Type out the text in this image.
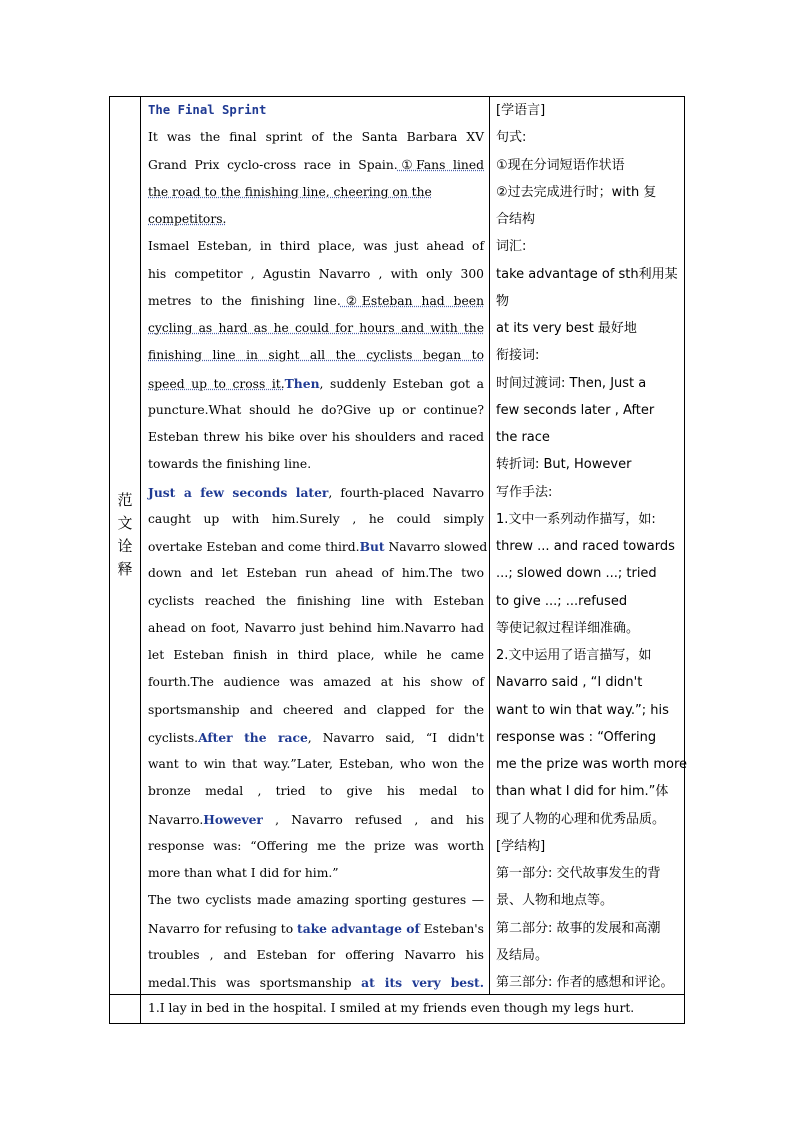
范
文
诠
释
The Final Sprint
It was the final sprint of the Santa Barbara XV
Grand Prix cyclo-cross race in Spain.①Fans lined
the road to the finishing line, cheering on the
competitors.
Ismael Esteban, in third place, was just ahead of
his competitor , Agustin Navarro , with only 300
metres to the finishing line.②Esteban had been
cycling as hard as he could for hours and with the
finishing line in sight all the cyclists began to
speed up to cross it.Then, suddenly Esteban got a
puncture.What should he do?Give up or continue?
Esteban threw his bike over his shoulders and raced
towards the finishing line.
Just a few seconds later, fourth-placed Navarro
caught up with him.Surely , he could simply
overtake Esteban and come third.But Navarro slowed
down and let Esteban run ahead of him.The two
cyclists reached the finishing line with Esteban
ahead on foot, Navarro just behind him.Navarro had
let Esteban finish in third place, while he came
fourth.The audience was amazed at his show of
sportsmanship and cheered and clapped for the
cyclists.After the race, Navarro said, “I didn't
want to win that way.”Later, Esteban, who won the
bronze medal , tried to give his medal to
Navarro.However , Navarro refused , and his
response was: “Offering me the prize was worth
more than what I did for him.”
The two cyclists made amazing sporting gestures —
Navarro for refusing to take advantage of Esteban's
troubles , and Esteban for offering Navarro his
medal.This was sportsmanship at its very best.
[学语言]
句式:
①现在分词短语作状语
②过去完成进行时；with 复
合结构
词汇:
take advantage of sth利用某
物
at its very best 最好地
衔接词:
时间过渡词: Then, Just a
few seconds later , After
the race
转折词: But, However
写作手法:
1.文中一系列动作描写，如:
threw ... and raced towards
...; slowed down ...; tried
to give ...; ...refused
等使记叙过程详细准确。
2.文中运用了语言描写，如
Navarro said , “I didn't
want to win that way.”; his
response was : “Offering
me the prize was worth more
than what I did for him.”体
现了人物的心理和优秀品质。
[学结构]
第一部分: 交代故事发生的背
景、人物和地点等。
第二部分: 故事的发展和高潮
及结局。
第三部分: 作者的感想和评论。
1.I lay in bed in the hospital. I smiled at my friends even though my legs hurt.
